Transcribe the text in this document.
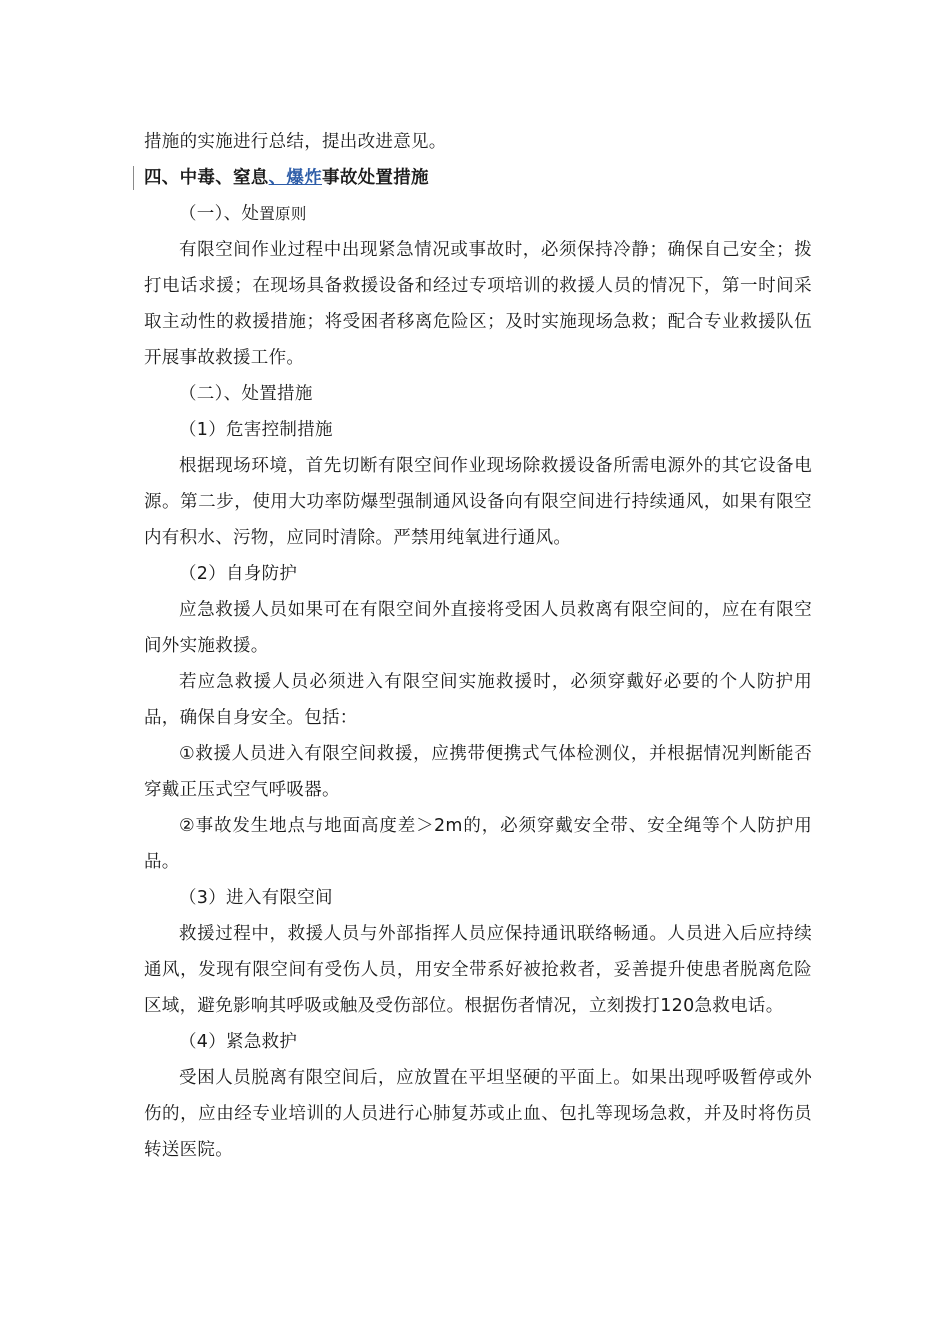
措施的实施进行总结，提出改进意见。

四、中毒、窒息、爆炸事故处置措施

（一）、处置原则

有限空间作业过程中出现紧急情况或事故时，必须保持冷静；确保自己安全；拨打电话求援；在现场具备救援设备和经过专项培训的救援人员的情况下，第一时间采取主动性的救援措施；将受困者移离危险区；及时实施现场急救；配合专业救援队伍开展事故救援工作。

（二）、处置措施

（1）危害控制措施

根据现场环境，首先切断有限空间作业现场除救援设备所需电源外的其它设备电源。第二步，使用大功率防爆型强制通风设备向有限空间进行持续通风，如果有限空内有积水、污物，应同时清除。严禁用纯氧进行通风。

（2）自身防护

应急救援人员如果可在有限空间外直接将受困人员救离有限空间的，应在有限空间外实施救援。

若应急救援人员必须进入有限空间实施救援时，必须穿戴好必要的个人防护用品，确保自身安全。包括：

①救援人员进入有限空间救援，应携带便携式气体检测仪，并根据情况判断能否穿戴正压式空气呼吸器。

②事故发生地点与地面高度差＞2m的，必须穿戴安全带、安全绳等个人防护用品。

（3）进入有限空间

救援过程中，救援人员与外部指挥人员应保持通讯联络畅通。人员进入后应持续通风，发现有限空间有受伤人员，用安全带系好被抢救者，妥善提升使患者脱离危险区域，避免影响其呼吸或触及受伤部位。根据伤者情况，立刻拨打120急救电话。

（4）紧急救护

受困人员脱离有限空间后，应放置在平坦坚硬的平面上。如果出现呼吸暂停或外伤的，应由经专业培训的人员进行心肺复苏或止血、包扎等现场急救，并及时将伤员转送医院。
